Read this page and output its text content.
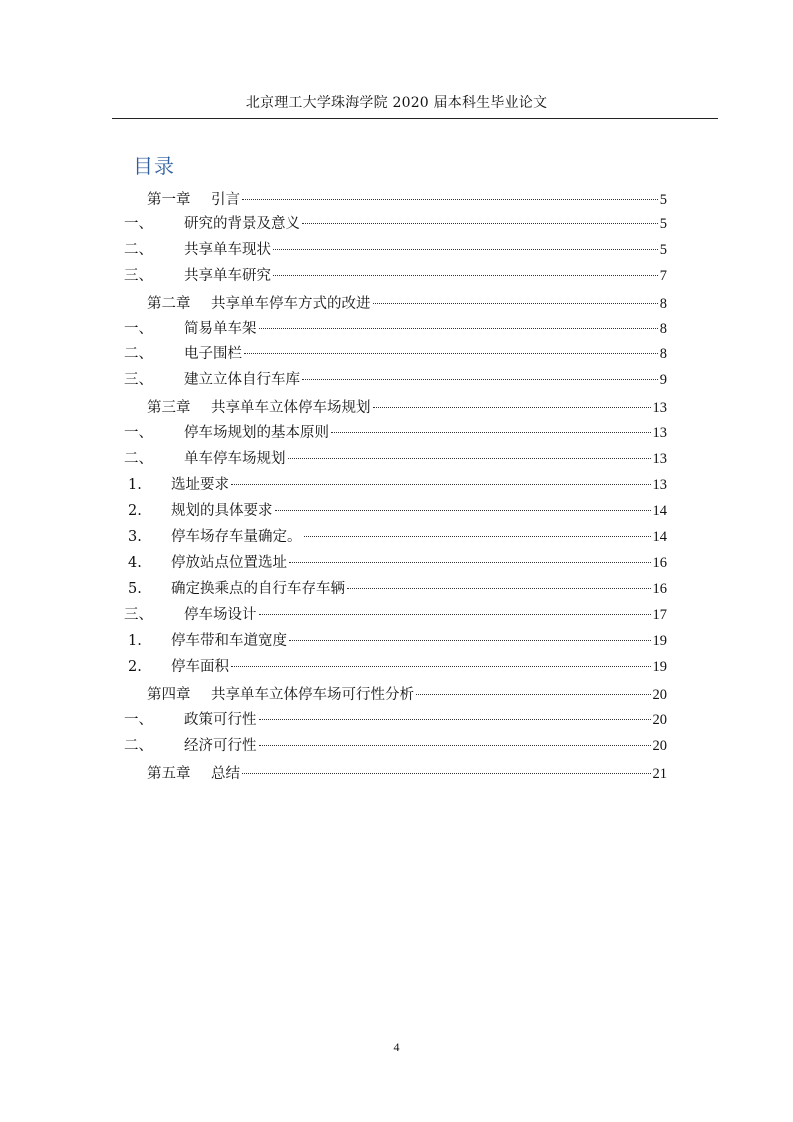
北京理工大学珠海学院 2020 届本科生毕业论文
目录
第一章	引言	5
一、	研究的背景及意义	5
二、	共享单车现状	5
三、	共享单车研究	7
第二章	共享单车停车方式的改进	8
一、	简易单车架	8
二、	电子围栏	8
三、	建立立体自行车库	9
第三章	共享单车立体停车场规划	13
一、	停车场规划的基本原则	13
二、	单车停车场规划	13
1.	选址要求	13
2.	规划的具体要求	14
3.	停车场存车量确定。	14
4.	停放站点位置选址	16
5.	确定换乘点的自行车存车辆	16
三、	停车场设计	17
1.	停车带和车道宽度	19
2.	停车面积	19
第四章	共享单车立体停车场可行性分析	20
一、	政策可行性	20
二、	经济可行性	20
第五章	总结	21
4
